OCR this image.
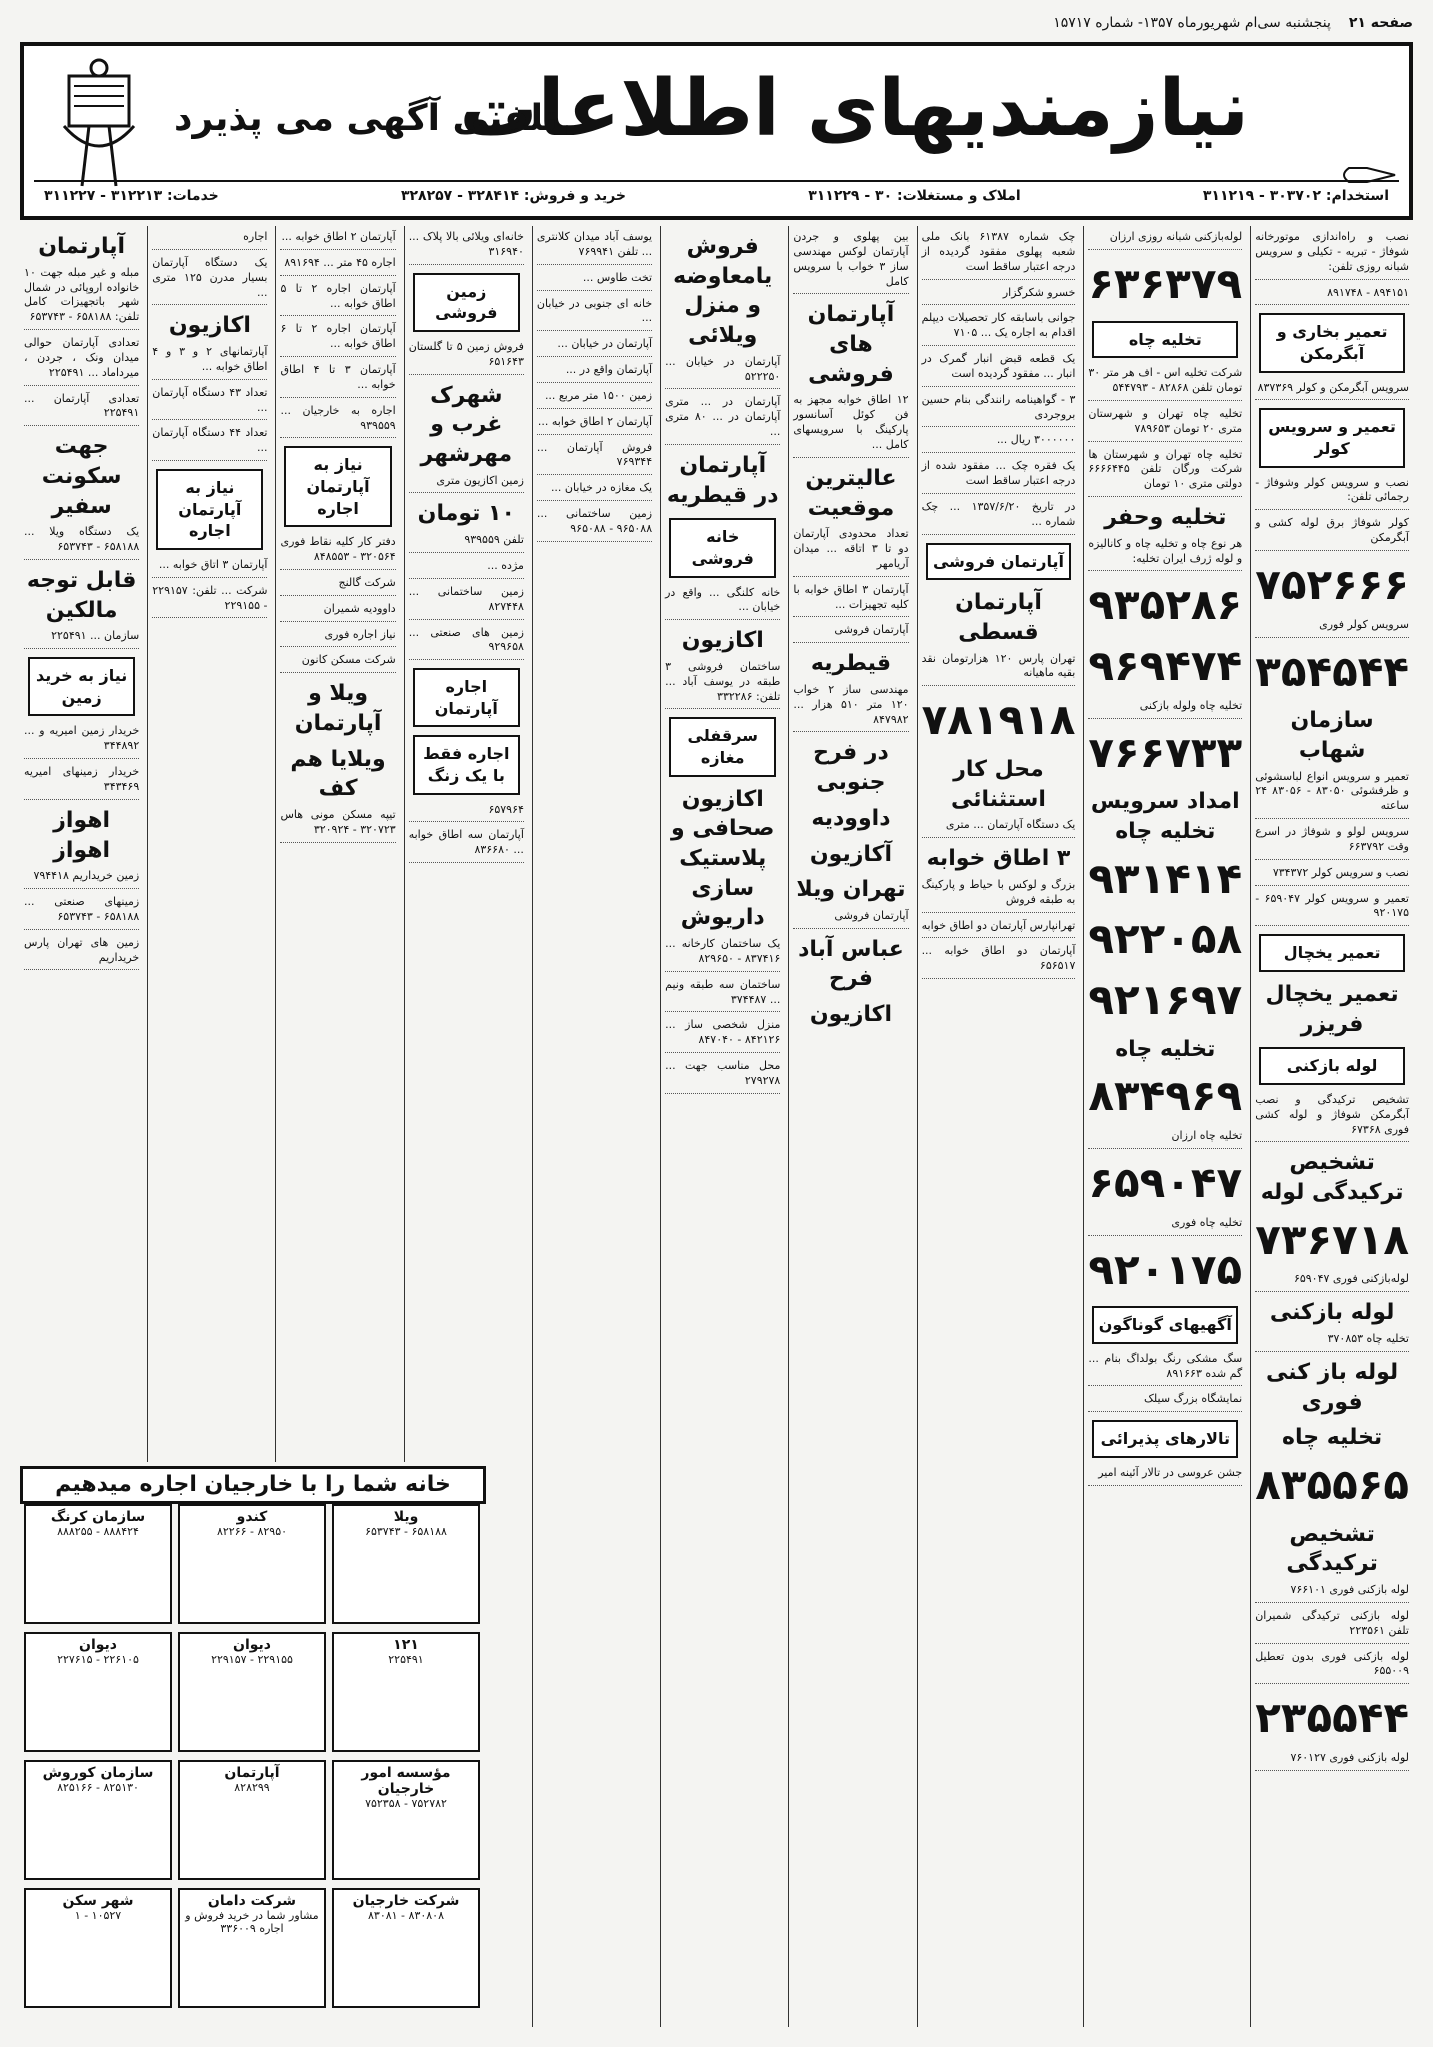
صفحه ۲۱
پنجشنبه سی‌ام شهریورماه ۱۳۵۷- شماره ۱۵۷۱۷
نیازمندیهای اطلاعات
تلفنی آگهی می پذیرد
استخدام: ۳۰۳۷۰۲ - ۳۱۱۲۱۹
املاک و مستغلات: ۳۰ - ۳۱۱۲۲۹
خرید و فروش: ۳۲۸۴۱۴ - ۳۲۸۲۵۷
خدمات: ۳۱۲۲۱۳ - ۳۱۱۲۲۷
نصب و راه‌اندازی موتورخانه شوفاژ - تبریه - تکیلی و سرویس شبانه روزی تلفن:
۸۹۴۱۵۱ - ۸۹۱۷۴۸
تعمیر بخاری و آبگرمکن
سرویس آبگرمکن و کولر ۸۳۷۳۶۹
تعمیر و سرویس کولر
نصب و سرویس کولر وشوفاژ - رجمائی تلفن:
کولر شوفاژ برق لوله کشی و آبگرمکن
۷۵۲۶۶۶
سرویس کولر فوری
۳۵۴۵۴۴
سازمان شهاب
تعمیر و سرویس انواع لباسشوئی و ظرفشوئی ۸۳۰۵۰ - ۸۳۰۵۶ ۲۴ ساعته
سرویس لولو و شوفاژ در اسرع وقت ۶۶۳۷۹۲
نصب و سرویس کولر ۷۳۴۳۷۲
تعمیر و سرویس کولر ۶۵۹۰۴۷ - ۹۲۰۱۷۵
تعمیر یخچال
تعمیر یخچال فریزر
لوله بازکنی
تشخیص ترکیدگی و نصب آبگرمکن شوفاژ و لوله کشی فوری ۶۷۳۶۸
تشخیص ترکیدگی لوله
۷۳۶۷۱۸
لوله‌بازکنی فوری ۶۵۹۰۴۷
لوله بازکنی
تخلیه چاه ۳۷۰۸۵۳
لوله باز کنی فوری
تخلیه چاه
۸۳۵۵۶۵
تشخیص ترکیدگی
لوله بازکنی فوری ۷۶۶۱۰۱
لوله بازکنی ترکیدگی شمیران تلفن ۲۲۳۵۶۱
لوله بازکنی فوری بدون تعطیل ۶۵۵۰۰۹
۲۳۵۵۴۴
لوله بازکنی فوری ۷۶۰۱۲۷
لوله‌بازکنی شبانه روزی ارزان
۶۳۶۳۷۹
تخلیه چاه
شرکت تخلیه اس - اف هر متر ۳۰ تومان تلفن ۸۲۸۶۸ - ۵۴۴۷۹۳
تخلیه چاه تهران و شهرستان متری ۲۰ تومان ۷۸۹۶۵۳
تخلیه چاه تهران و شهرستان ها شرکت ورگان تلفن ۶۶۶۶۴۴۵ دولتی متری ۱۰ تومان
تخلیه وحفر
هر نوع چاه و تخلیه چاه و کانالیزه و لوله ژرف ایران تخلیه:
۹۳۵۲۸۶
۹۶۹۴۷۴
تخلیه چاه ولوله بازکنی
۷۶۶۷۳۳
امداد سرویس تخلیه چاه
۹۳۱۴۱۴
۹۲۲۰۵۸
۹۲۱۶۹۷
تخلیه چاه
۸۳۴۹۶۹
تخلیه چاه ارزان
۶۵۹۰۴۷
تخلیه چاه فوری
۹۲۰۱۷۵
آگهیهای گوناگون
سگ مشکی رنگ بولداگ بنام ... گم شده ۸۹۱۶۶۳
نمایشگاه بزرگ سیلک
تالارهای پذیرائی
جشن عروسی در تالار آئینه امیر
چک شماره ۶۱۳۸۷ بانک ملی شعبه پهلوی مفقود گردیده از درجه اعتبار ساقط است
خسرو شکرگزار
جوانی باسابقه کار تحصیلات دیپلم اقدام به اجاره یک ... ۷۱۰۵
یک قطعه قبض انبار گمرک در انبار ... مفقود گردیده است
۳ - گواهینامه رانندگی بنام حسین بروجردی
۳۰۰۰۰۰۰ ریال ...
یک فقره چک ... مفقود شده از درجه اعتبار ساقط است
در تاریخ ۱۳۵۷/۶/۲۰ ... چک شماره ...
آپارتمان فروشی
آپارتمان قسطی
تهران پارس ۱۲۰ هزارتومان نقد بقیه ماهیانه
۷۸۱۹۱۸
محل کار استثنائی
یک دستگاه آپارتمان ... متری
۳ اطاق خوابه
بزرگ و لوکس با حیاط و پارکینگ به طبقه فروش
تهرانپارس آپارتمان دو اطاق خوابه
آپارتمان دو اطاق خوابه ... ۶۵۶۵۱۷
بین پهلوی و جردن آپارتمان لوکس مهندسی ساز ۳ خواب با سرویس کامل
آپارتمان های فروشی
۱۲ اطاق خوابه مجهز به فن کوئل آسانسور پارکینگ با سرویسهای کامل ...
عالیترین موقعیت
تعداد محدودی آپارتمان دو تا ۳ اتاقه ... میدان آریامهر
آپارتمان ۳ اطاق خوابه با کلیه تجهیزات ...
آپارتمان فروشی
قیطریه
مهندسی ساز ۲ خواب ۱۲۰ متر ۵۱۰ هزار ... ۸۴۷۹۸۲
در فرح جنوبی
داوودیه
آکازیون
تهران ویلا
آپارتمان فروشی
عباس آباد فرح
اکازیون
فروش یامعاوضه و منزل ویلائی
آپارتمان در خیابان ... ۵۲۲۲۵۰
آپارتمان در ... متری آپارتمان در ... ۸۰ متری ...
آپارتمان در قیطریه
خانه فروشی
خانه کلنگی ... واقع در خیابان ...
اکازیون
ساختمان فروشی ۳ طبقه در یوسف آباد ... تلفن: ۳۳۲۲۸۶
سرقفلی مغازه
اکازیون صحافی و پلاستیک سازی داریوش
یک ساختمان کارخانه ... ۸۳۷۴۱۶ - ۸۲۹۶۵۰
ساختمان سه طبقه ونیم ... ۳۷۴۴۸۷
منزل شخصی ساز ... ۸۴۲۱۲۶ - ۸۴۷۰۴۰
محل مناسب جهت ... ۲۷۹۲۷۸
یوسف آباد میدان کلانتری ... تلفن ۷۶۹۹۴۱
تخت طاوس ...
خانه ای جنوبی در خیابان ...
آپارتمان در خیابان ...
آپارتمان واقع در ...
زمین ۱۵۰۰ متر مربع ...
آپارتمان ۲ اطاق خوابه ...
فروش آپارتمان ... ۷۶۹۳۴۴
یک مغازه در خیابان ...
زمین ساختمانی ... ۹۶۵۰۸۸ - ۹۶۵۰۸۸
خانه‌ای ویلائی بالا پلاک ... ۳۱۶۹۴۰
زمین فروشی
فروش زمین ۵ تا گلستان ۶۵۱۶۴۳
شهرک غرب و مهرشهر
زمین اکازیون متری
۱۰ تومان
تلفن ۹۳۹۵۵۹
مژده ...
زمین ساختمانی ... ۸۲۷۴۴۸
زمین های صنعتی ... ۹۲۹۶۵۸
اجاره آپارتمان
اجاره فقط با یک زنگ
۶۵۷۹۶۴
آپارتمان سه اطاق خوابه ... ۸۳۶۶۸۰
آپارتمان ۲ اطاق خوابه ...
اجاره ۴۵ متر ... ۸۹۱۶۹۴
آپارتمان اجاره ۲ تا ۵ اطاق خوابه ...
آپارتمان اجاره ۲ تا ۶ اطاق خوابه ...
آپارتمان ۳ تا ۴ اطاق خوابه ...
اجاره به خارجیان ... ۹۳۹۵۵۹
نیاز به آپارتمان اجاره
دفتر کار کلیه نقاط فوری ۳۲۰۵۶۴ - ۸۴۸۵۵۳
شرکت گالنج
داوودیه شمیران
نیاز اجاره فوری
شرکت مسکن کانون
ویلا و آپارتمان
ویلایا هم کف
تیپه مسکن مونی هاس ۳۲۰۷۲۳ - ۳۲۰۹۲۴
اجاره
یک دستگاه آپارتمان بسیار مدرن ۱۲۵ متری ...
اکازیون
آپارتمانهای ۲ و ۳ و ۴ اطاق خوابه ...
تعداد ۴۳ دستگاه آپارتمان ...
تعداد ۴۴ دستگاه آپارتمان ...
نیاز به آپارتمان اجاره
آپارتمان ۳ اتاق خوابه ...
شرکت ... تلفن: ۲۲۹۱۵۷ - ۲۲۹۱۵۵
آپارتمان
مبله و غیر مبله جهت ۱۰ خانواده اروپائی در شمال شهر باتجهیزات کامل تلفن: ۶۵۸۱۸۸ - ۶۵۳۷۴۳
تعدادی آپارتمان حوالی میدان ونک ، جردن ، میرداماد ... ۲۲۵۴۹۱
تعدادی آپارتمان ... ۲۲۵۴۹۱
جهت سکونت سفیر
یک دستگاه ویلا ... ۶۵۸۱۸۸ - ۶۵۳۷۴۳
قابل توجه مالکین
سازمان ... ۲۲۵۴۹۱
نیاز به خرید زمین
خریدار زمین امیریه و ... ۳۴۴۸۹۲
خریدار زمینهای امیریه ۳۴۳۴۶۹
اهواز اهواز
زمین خریداریم ۷۹۴۴۱۸
زمینهای صنعتی ... ۶۵۸۱۸۸ - ۶۵۳۷۴۳
زمین های تهران پارس خریداریم
خانه شما را با خارجیان اجاره میدهیم
ویلا
۶۵۸۱۸۸ - ۶۵۳۷۴۳
کندو
۸۲۹۵۰ - ۸۲۲۶۶
سازمان کرنگ
۸۸۸۴۲۴ - ۸۸۸۲۵۵
۱۲۱
۲۲۵۴۹۱
دیوان
۲۲۹۱۵۵ - ۲۲۹۱۵۷
دیوان
۲۲۶۱۰۵ - ۲۲۷۶۱۵
مؤسسه امور خارجیان
۷۵۲۷۸۲ - ۷۵۲۳۵۸
آپارتمان
۸۲۸۲۹۹
سازمان کوروش
۸۲۵۱۳۰ - ۸۲۵۱۶۶
شرکت خارجیان
۸۳۰۸۰۸ - ۸۳۰۸۱
شرکت دامان
مشاور شما در خرید فروش و اجاره ۳۳۶۰۰۹
شهر سکن
۱۰۵۲۷ - ۱
